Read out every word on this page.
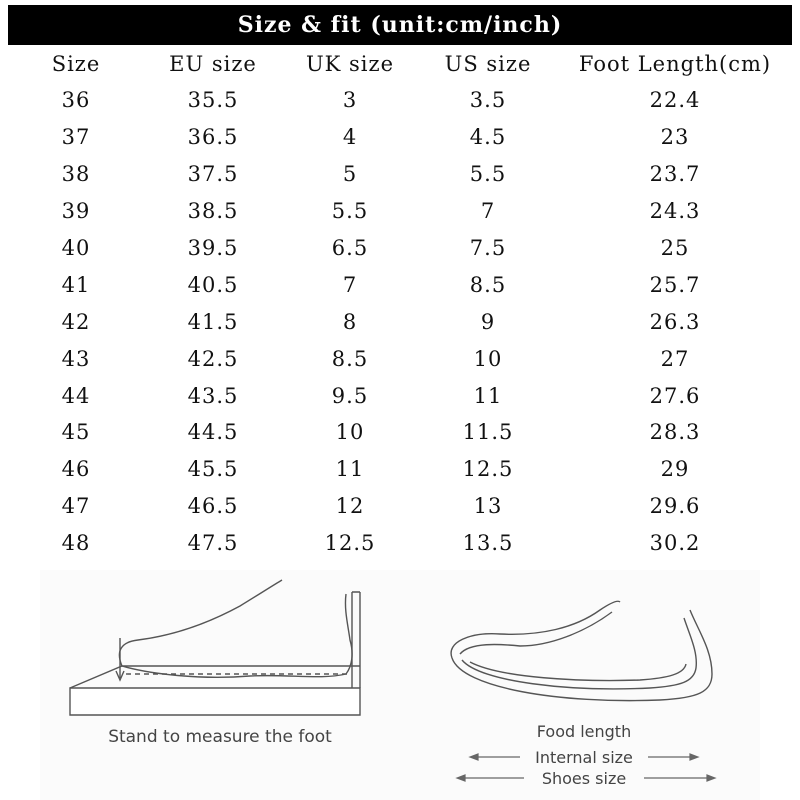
Size & fit (unit:cm/inch)
Size	EU size	UK size	US size	Foot Length(cm)
36	35.5	3	3.5	22.4
37	36.5	4	4.5	23
38	37.5	5	5.5	23.7
39	38.5	5.5	7	24.3
40	39.5	6.5	7.5	25
41	40.5	7	8.5	25.7
42	41.5	8	9	26.3
43	42.5	8.5	10	27
44	43.5	9.5	11	27.6
45	44.5	10	11.5	28.3
46	45.5	11	12.5	29
47	46.5	12	13	29.6
48	47.5	12.5	13.5	30.2
Stand to measure the foot	Food length
Internal size
Shoes size
